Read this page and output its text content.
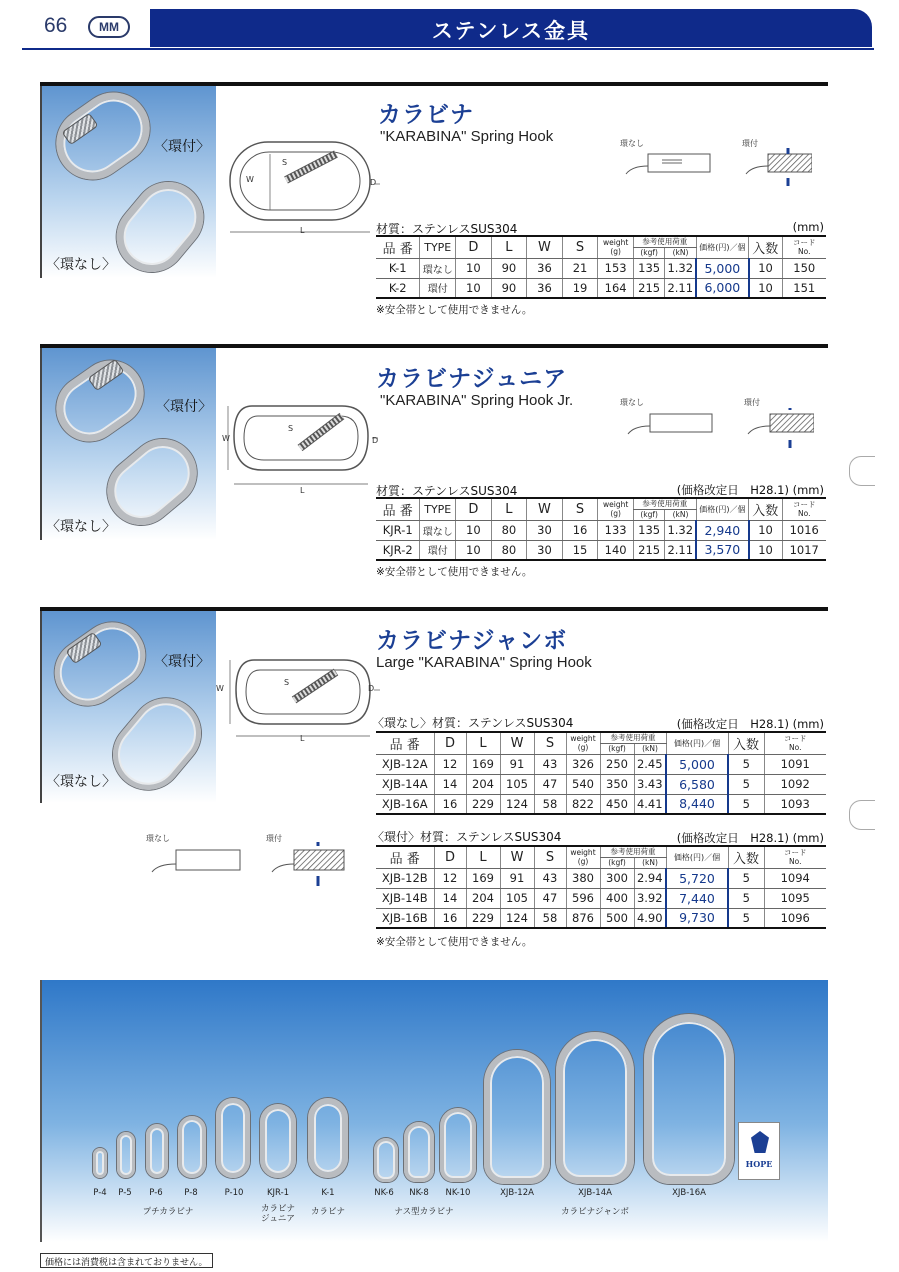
66	MM	ステンレス金具
〈環付〉
〈環なし〉
S
W	D
L
カラビナ
"KARABINA" Spring Hook	環なし	環付
材質：ステンレスSUS304	(mm)
品 番	TYPE	D	L	W	S	weight
(g)	参考使用荷重		価格(円)／個	入数	コード
No.
							(kgf)	(kN)			
K-1	環なし	10	90	36	21	153	135	1.32	5,000	10	150
K-2	環付	10	90	36	19	164	215	2.11	6,000	10	151
※安全帯として使用できません。
〈環付〉
〈環なし〉
S
W	D
L
カラビナジュニア
"KARABINA" Spring Hook Jr.	環なし	環付
材質：ステンレスSUS304	(価格改定日　H28.1) (mm)
品 番	TYPE	D	L	W	S	weight
(g)	参考使用荷重		価格(円)／個	入数	コード
No.
							(kgf)	(kN)			
KJR-1	環なし	10	80	30	16	133	135	1.32	2,940	10	1016
KJR-2	環付	10	80	30	15	140	215	2.11	3,570	10	1017
※安全帯として使用できません。
〈環付〉
〈環なし〉
S
W	D
L
カラビナジャンボ
Large "KARABINA" Spring Hook
環なし	環付
〈環なし〉材質：ステンレスSUS304	(価格改定日　H28.1) (mm)
品 番	D	L	W	S	weight
(g)	参考使用荷重		価格(円)／個	入数	コード
No.
						(kgf)	(kN)			
XJB-12A	12	169	91	43	326	250	2.45	5,000	5	1091
XJB-14A	14	204	105	47	540	350	3.43	6,580	5	1092
XJB-16A	16	229	124	58	822	450	4.41	8,440	5	1093
〈環付〉材質：ステンレスSUS304	(価格改定日　H28.1) (mm)
品 番	D	L	W	S	weight
(g)	参考使用荷重		価格(円)／個	入数	コード
No.
						(kgf)	(kN)			
XJB-12B	12	169	91	43	380	300	2.94	5,720	5	1094
XJB-14B	14	204	105	47	596	400	3.92	7,440	5	1095
XJB-16B	16	229	124	58	876	500	4.90	9,730	5	1096
※安全帯として使用できません。
P-4	P-5	P-6	P-8	P-10	KJR-1	K-1	NK-6	NK-8	NK-10	XJB-12A	XJB-14A	XJB-16A
プチカラビナ	カラビナ
ジュニア
カラビナ	ナス型カラビナ	カラビナジャンボ
HOPE
価格には消費税は含まれておりません。
